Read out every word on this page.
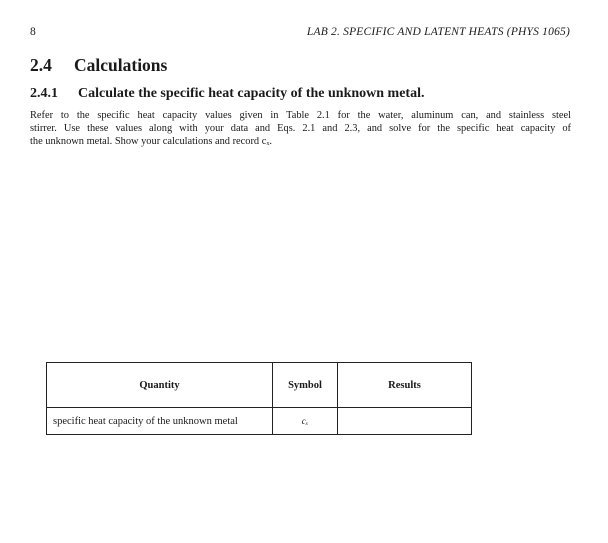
8	LAB 2. SPECIFIC AND LATENT HEATS (PHYS 1065)
2.4 Calculations
2.4.1 Calculate the specific heat capacity of the unknown metal.

Refer to the specific heat capacity values given in Table 2.1 for the water, aluminum can, and stainless steel
stirrer. Use these values along with your data and Eqs. 2.1 and 2.3, and solve for the specific heat capacity of
the unknown metal. Show your calculations and record cₓ.

Quantity	Symbol	Results
specific heat capacity of the unknown metal	cₓ	
